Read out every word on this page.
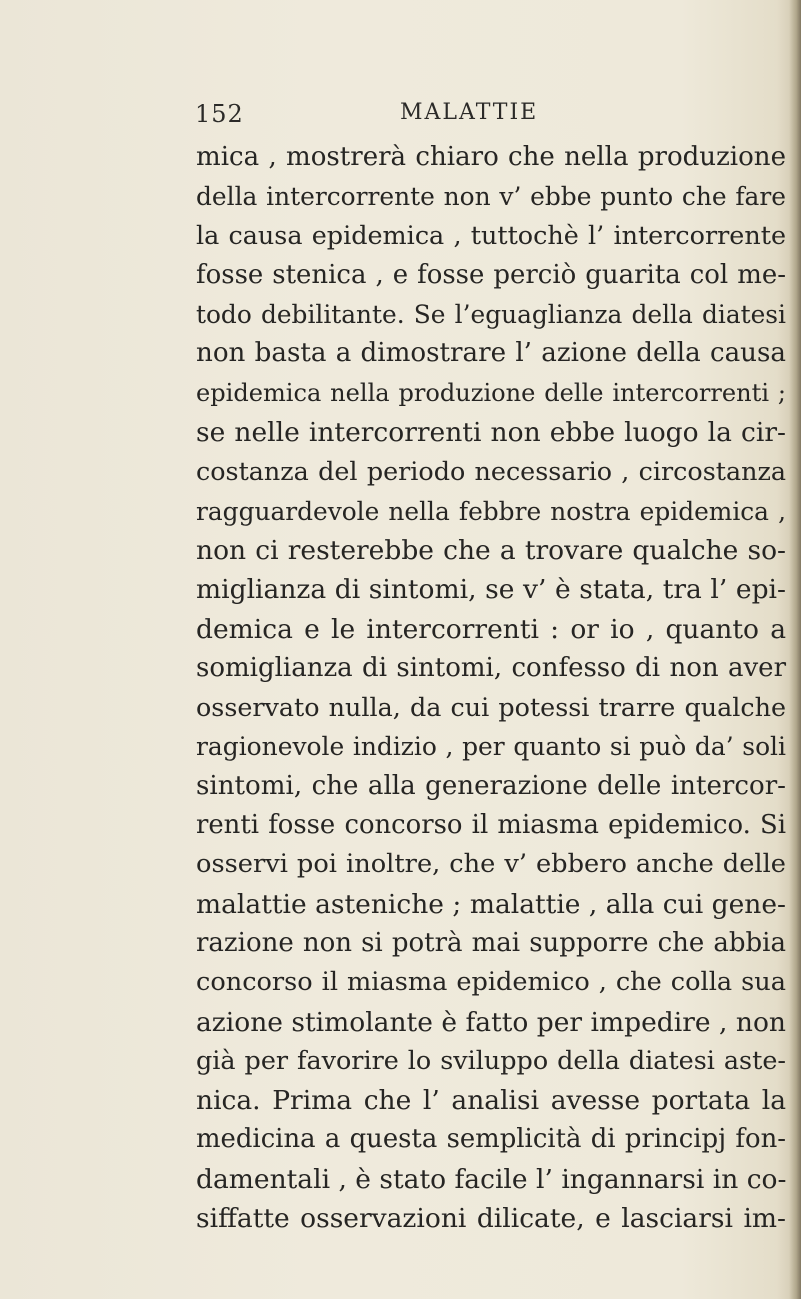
152	MALATTIE
mica , mostrerà chiaro che nella produzione
della intercorrente non v’ ebbe punto che fare
la causa epidemica , tuttochè l’ intercorrente
fosse stenica , e fosse perciò guarita col me-
todo debilitante. Se l’eguaglianza della diatesi
non basta a dimostrare l’ azione della causa
epidemica nella produzione delle intercorrenti ;
se nelle intercorrenti non ebbe luogo la cir-
costanza del periodo necessario , circostanza
ragguardevole nella febbre nostra epidemica ,
non ci resterebbe che a trovare qualche so-
miglianza di sintomi, se v’ è stata, tra l’ epi-
demica e le intercorrenti : or io , quanto a
somiglianza di sintomi, confesso di non aver
osservato nulla, da cui potessi trarre qualche
ragionevole indizio , per quanto si può da’ soli
sintomi, che alla generazione delle intercor-
renti fosse concorso il miasma epidemico. Si
osservi poi inoltre, che v’ ebbero anche delle
malattie asteniche ; malattie , alla cui gene-
razione non si potrà mai supporre che abbia
concorso il miasma epidemico , che colla sua
azione stimolante è fatto per impedire , non
già per favorire lo sviluppo della diatesi aste-
nica. Prima che l’ analisi avesse portata la
medicina a questa semplicità di principj fon-
damentali , è stato facile l’ ingannarsi in co-
siffatte osservazioni dilicate, e lasciarsi im-
